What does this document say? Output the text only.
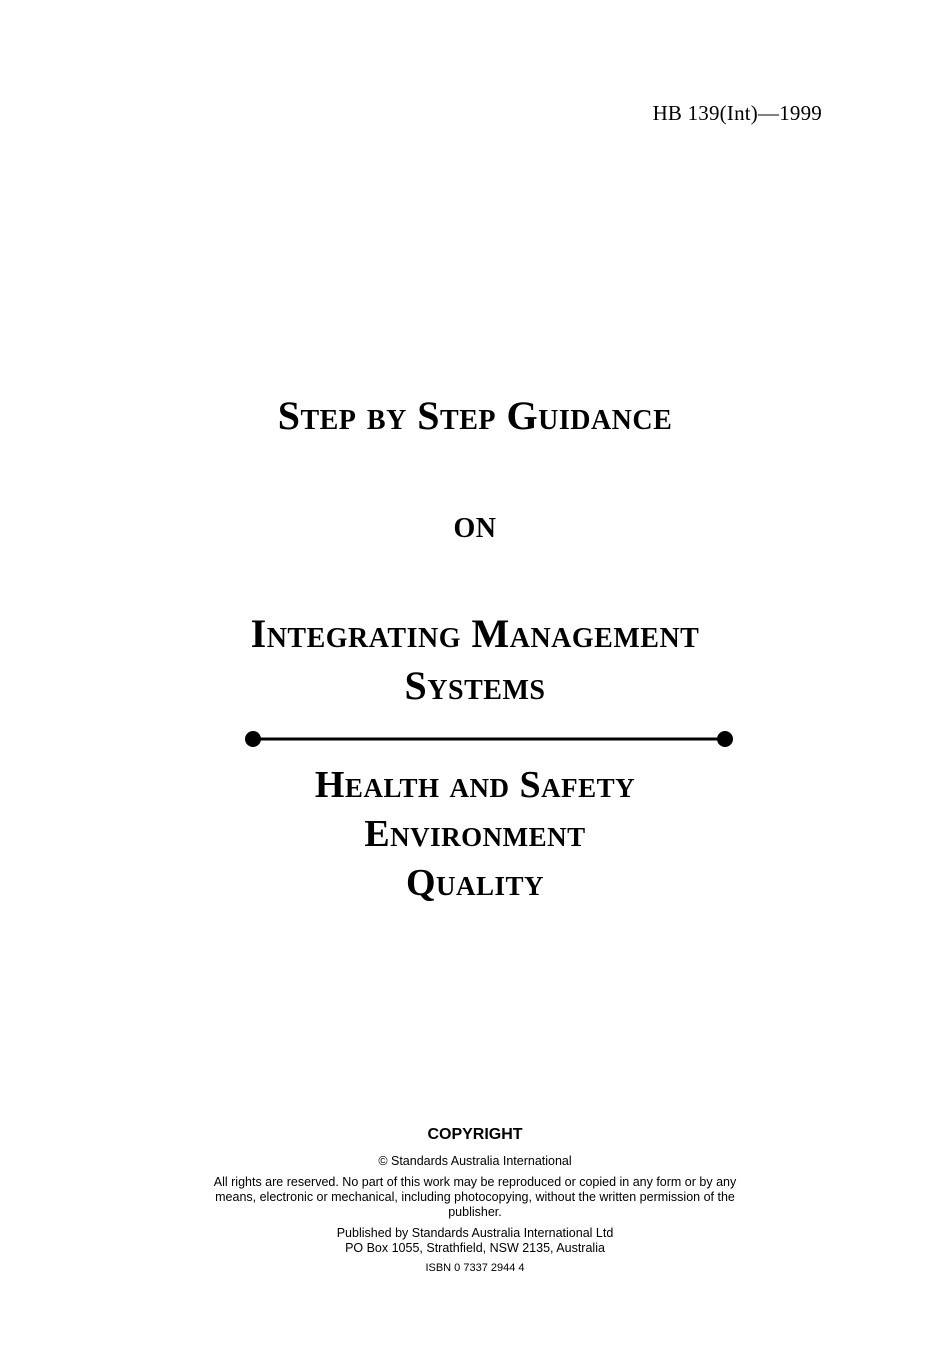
HB 139(Int)—1999
Step by Step Guidance
on
Integrating Management Systems
Health and Safety
Environment
Quality
COPYRIGHT
© Standards Australia International
All rights are reserved. No part of this work may be reproduced or copied in any form or by any means, electronic or mechanical, including photocopying, without the written permission of the publisher.
Published by Standards Australia International Ltd
PO Box 1055, Strathfield, NSW 2135, Australia
ISBN 0 7337 2944 4
